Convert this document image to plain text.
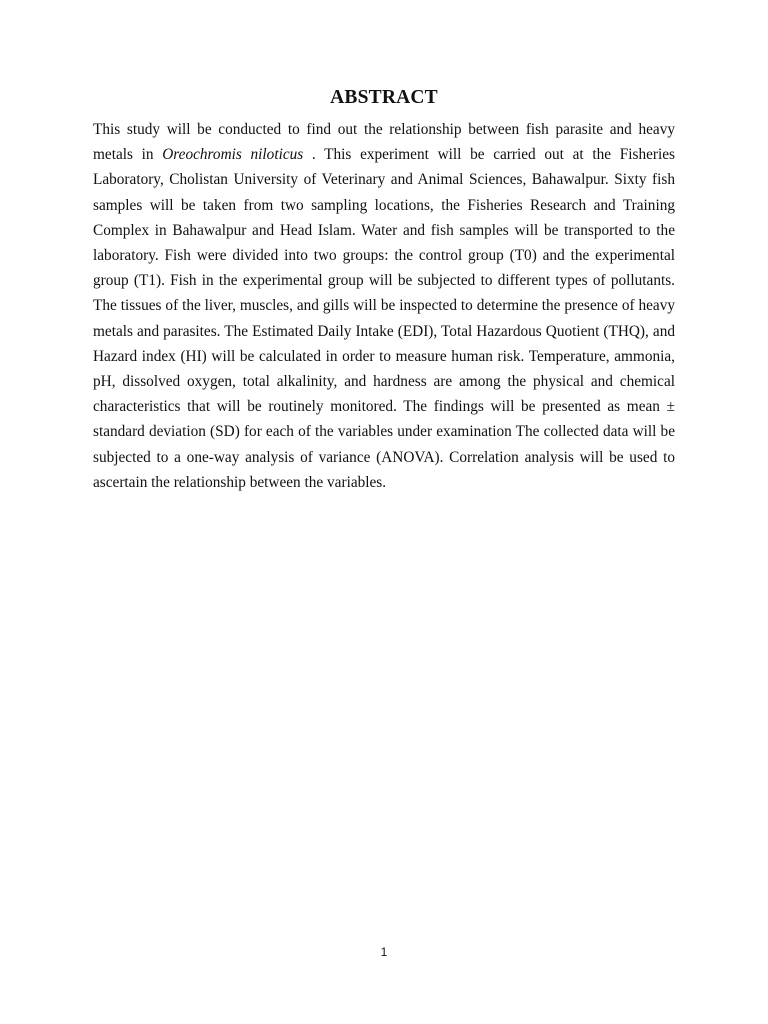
ABSTRACT

This study will be conducted to find out the relationship between fish parasite and heavy metals in Oreochromis niloticus . This experiment will be carried out at the Fisheries Laboratory, Cholistan University of Veterinary and Animal Sciences, Bahawalpur. Sixty fish samples will be taken from two sampling locations, the Fisheries Research and Training Complex in Bahawalpur and Head Islam. Water and fish samples will be transported to the laboratory. Fish were divided into two groups: the control group (T0) and the experimental group (T1). Fish in the experimental group will be subjected to different types of pollutants. The tissues of the liver, muscles, and gills will be inspected to determine the presence of heavy metals and parasites. The Estimated Daily Intake (EDI), Total Hazardous Quotient (THQ), and Hazard index (HI) will be calculated in order to measure human risk. Temperature, ammonia, pH, dissolved oxygen, total alkalinity, and hardness are among the physical and chemical characteristics that will be routinely monitored. The findings will be presented as mean ± standard deviation (SD) for each of the variables under examination The collected data will be subjected to a one-way analysis of variance (ANOVA). Correlation analysis will be used to ascertain the relationship between the variables.

1
